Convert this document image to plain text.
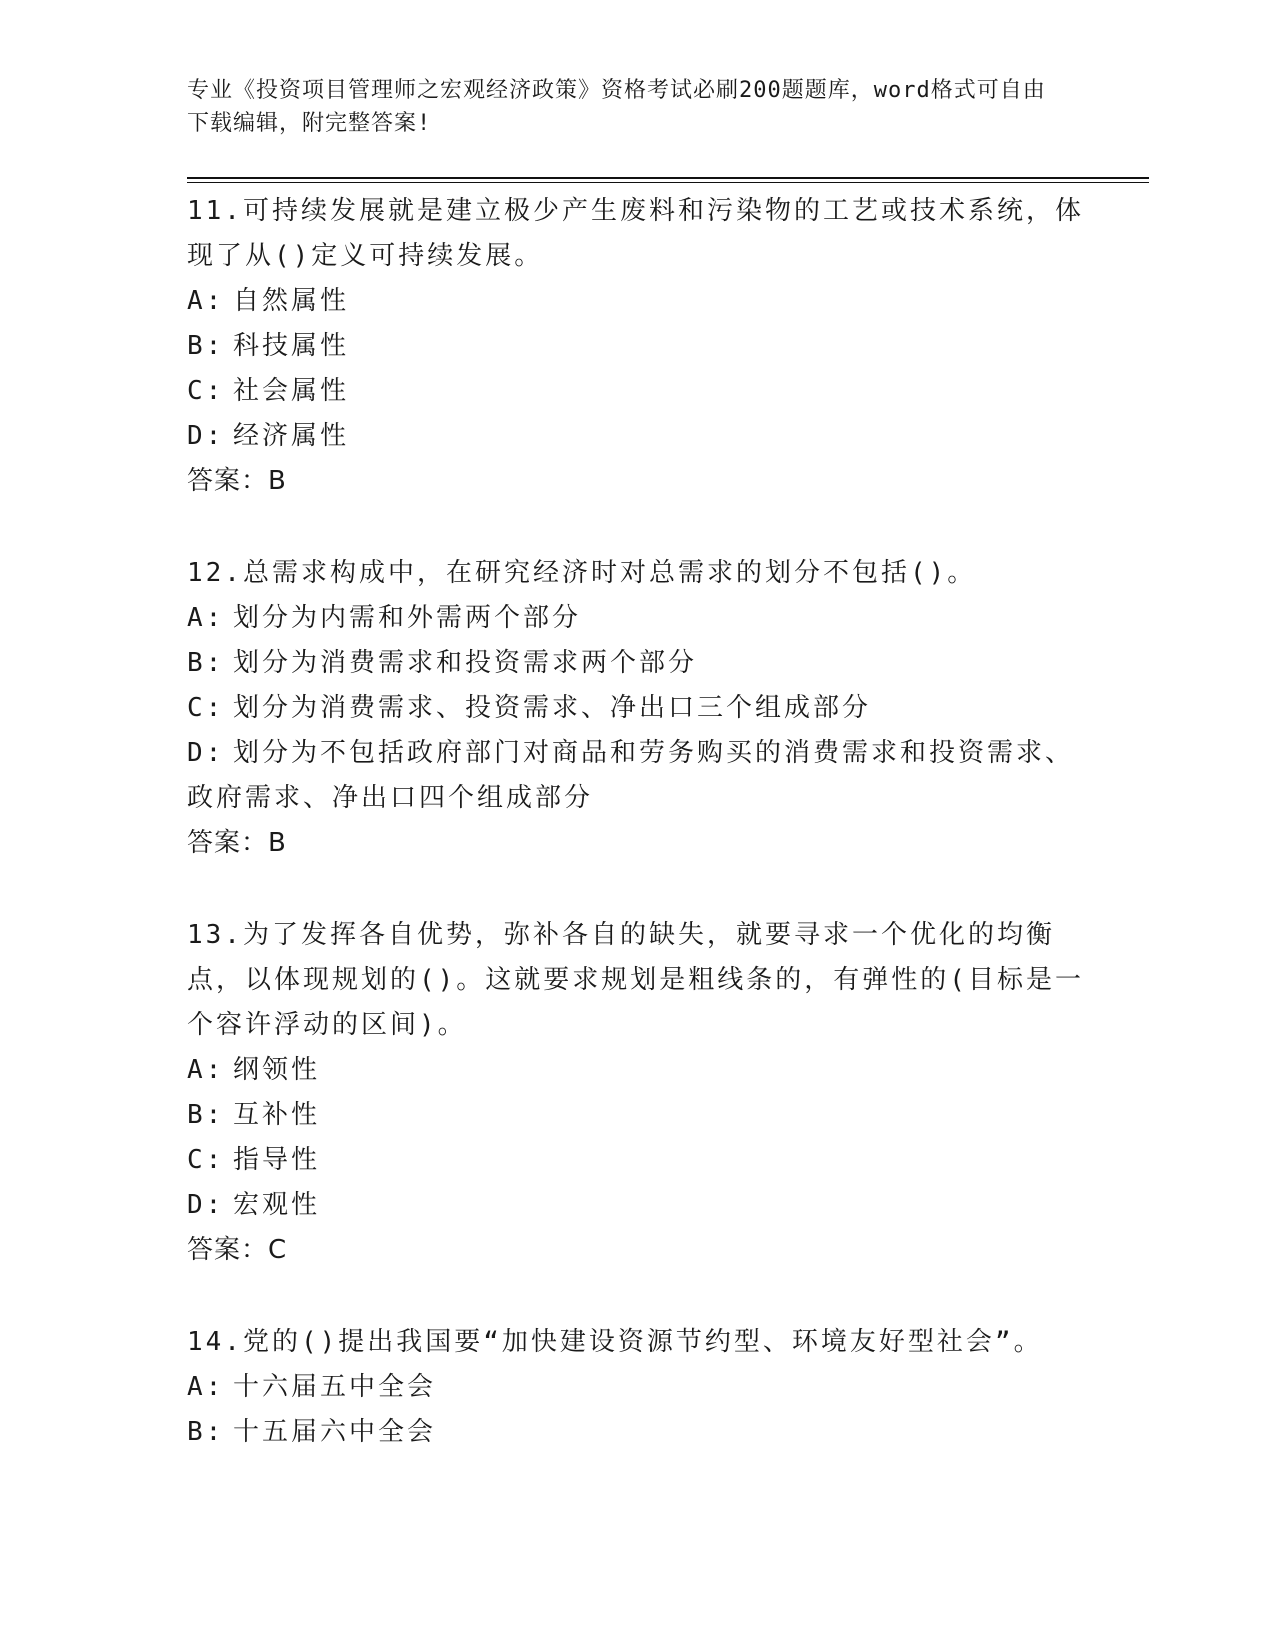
专业《投资项目管理师之宏观经济政策》资格考试必刷200题题库，word格式可自由下载编辑，附完整答案!

11.可持续发展就是建立极少产生废料和污染物的工艺或技术系统，体现了从()定义可持续发展。

A: 自然属性

B: 科技属性

C: 社会属性

D: 经济属性

答案：B

12.总需求构成中，在研究经济时对总需求的划分不包括()。

A: 划分为内需和外需两个部分

B: 划分为消费需求和投资需求两个部分

C: 划分为消费需求、投资需求、净出口三个组成部分

D: 划分为不包括政府部门对商品和劳务购买的消费需求和投资需求、政府需求、净出口四个组成部分

答案：B

13.为了发挥各自优势，弥补各自的缺失，就要寻求一个优化的均衡点，以体现规划的()。这就要求规划是粗线条的，有弹性的(目标是一个容许浮动的区间)。

A: 纲领性

B: 互补性

C: 指导性

D: 宏观性

答案：C

14.党的()提出我国要“加快建设资源节约型、环境友好型社会”。

A: 十六届五中全会

B: 十五届六中全会
